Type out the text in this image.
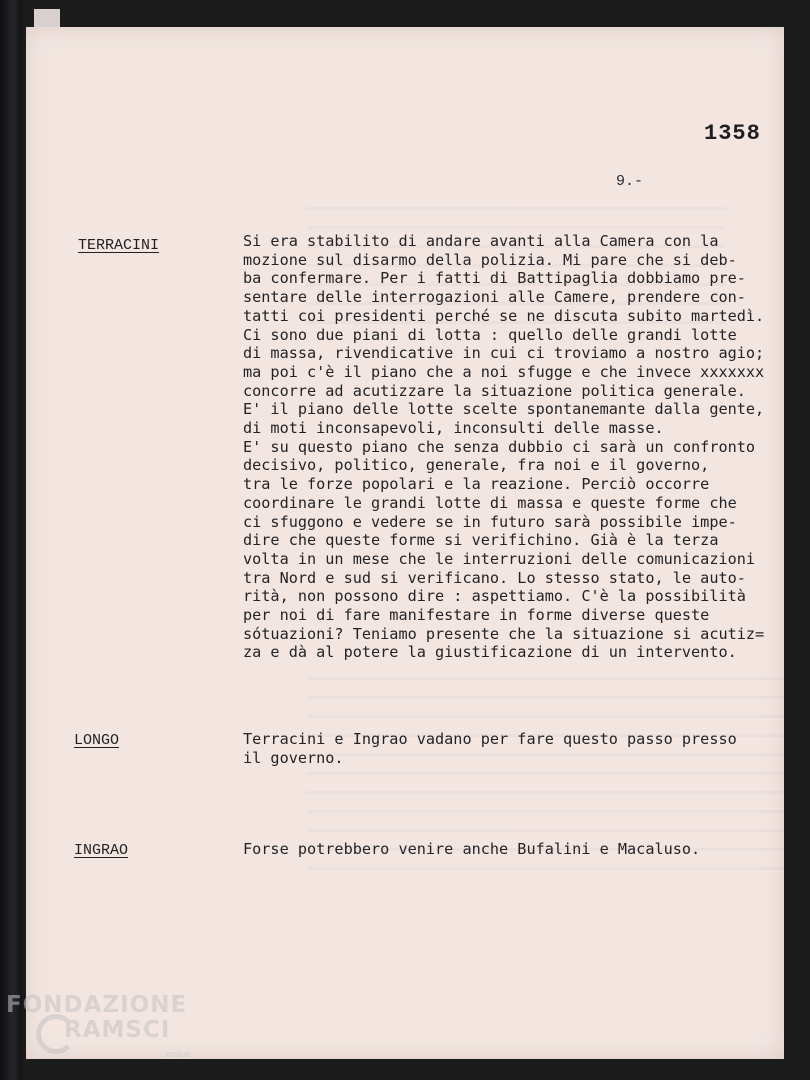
1358
9.-
TERRACINI	Si era stabilito di andare avanti alla Camera con la
mozione sul disarmo della polizia. Mi pare che si deb-
ba confermare. Per i fatti di Battipaglia dobbiamo pre-
sentare delle interrogazioni alle Camere, prendere con-
tatti coi presidenti perché se ne discuta subito martedì.
Ci sono due piani di lotta : quello delle grandi lotte
di massa, rivendicative in cui ci troviamo a nostro agio;
ma poi c'è il piano che a noi sfugge e che invece xxxxxxx
concorre ad acutizzare la situazione politica generale.
E' il piano delle lotte scelte spontanemante dalla gente,
di moti inconsapevoli, inconsulti delle masse.
E' su questo piano che senza dubbio ci sarà un confronto
decisivo, politico, generale, fra noi e il governo,
tra le forze popolari e la reazione. Perciò occorre
coordinare le grandi lotte di massa e queste forme che
ci sfuggono e vedere se in futuro sarà possibile impe-
dire che queste forme si verifichino. Già è la terza
volta in un mese che le interruzioni delle comunicazioni
tra Nord e sud si verificano. Lo stesso stato, le auto-
rità, non possono dire : aspettiamo. C'è la possibilità
per noi di fare manifestare in forme diverse queste
sótuazioni? Teniamo presente che la situazione si acutiz=
za e dà al potere la giustificazione di un intervento.
LONGO	Terracini e Ingrao vadano per fare questo passo presso
il governo.
INGRAO	Forse potrebbero venire anche Bufalini e Macaluso.
FONDAZIONE
RAMSCI
onlus
